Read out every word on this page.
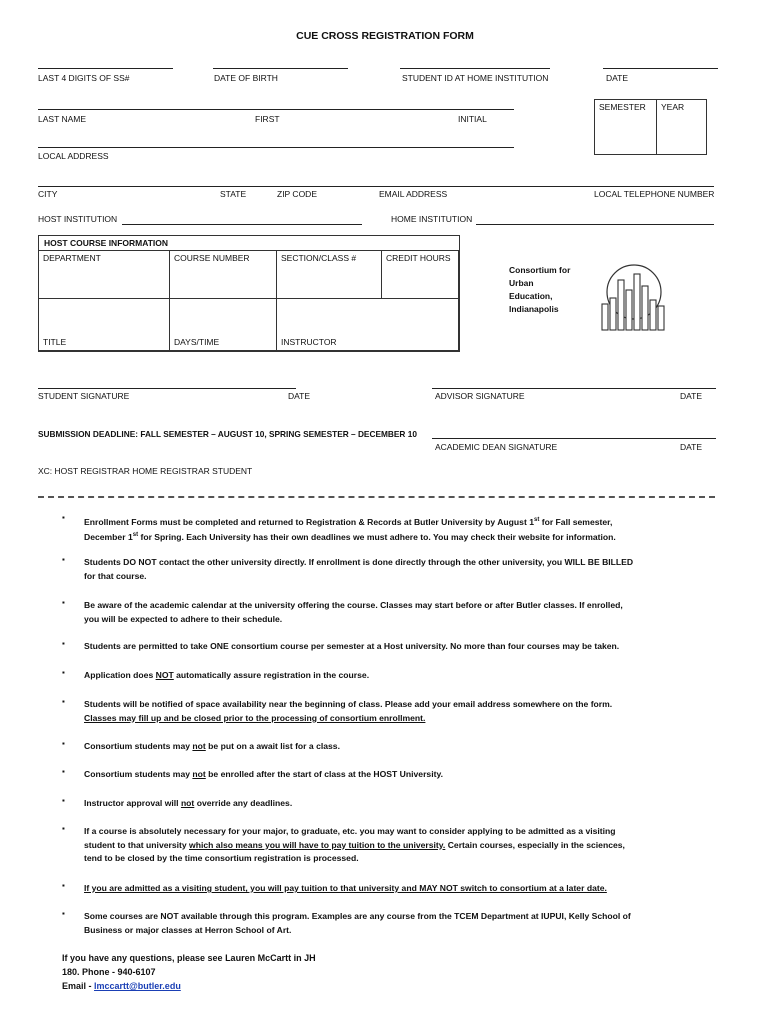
CUE CROSS REGISTRATION FORM
LAST 4 DIGITS OF SS#	DATE OF BIRTH	STUDENT ID AT HOME INSTITUTION	DATE
LAST NAME	FIRST	INITIAL
SEMESTER	YEAR
LOCAL ADDRESS
CITY	STATE	ZIP CODE	EMAIL ADDRESS	LOCAL TELEPHONE NUMBER
HOST INSTITUTION	HOME INSTITUTION
HOST COURSE INFORMATION
DEPARTMENT	COURSE NUMBER	SECTION/CLASS #	CREDIT HOURS
TITLE	DAYS/TIME	INSTRUCTOR
Consortium for
Urban
Education,
Indianapolis
STUDENT SIGNATURE	DATE	ADVISOR SIGNATURE	DATE
SUBMISSION DEADLINE: FALL SEMESTER – AUGUST 10, SPRING SEMESTER – DECEMBER 10
ACADEMIC DEAN SIGNATURE	DATE
XC: HOST REGISTRAR HOME REGISTRAR STUDENT
▪ Enrollment Forms must be completed and returned to Registration & Records at Butler University by August 1st for Fall semester,
December 1st for Spring. Each University has their own deadlines we must adhere to. You may check their website for information.
▪ Students DO NOT contact the other university directly. If enrollment is done directly through the other university, you WILL BE BILLED
for that course.
▪ Be aware of the academic calendar at the university offering the course. Classes may start before or after Butler classes. If enrolled,
you will be expected to adhere to their schedule.
▪ Students are permitted to take ONE consortium course per semester at a Host university. No more than four courses may be taken.
▪ Application does NOT automatically assure registration in the course.
▪ Students will be notified of space availability near the beginning of class. Please add your email address somewhere on the form.
Classes may fill up and be closed prior to the processing of consortium enrollment.
▪ Consortium students may not be put on a await list for a class.
▪ Consortium students may not be enrolled after the start of class at the HOST University.
▪ Instructor approval will not override any deadlines.
▪ If a course is absolutely necessary for your major, to graduate, etc. you may want to consider applying to be admitted as a visiting
student to that university which also means you will have to pay tuition to the university. Certain courses, especially in the sciences,
tend to be closed by the time consortium registration is processed.
▪ If you are admitted as a visiting student, you will pay tuition to that university and MAY NOT switch to consortium at a later date.
▪ Some courses are NOT available through this program. Examples are any course from the TCEM Department at IUPUI, Kelly School of
Business or major classes at Herron School of Art.
If you have any questions, please see Lauren McCartt in JH
180. Phone - 940-6107
Email - lmccartt@butler.edu
